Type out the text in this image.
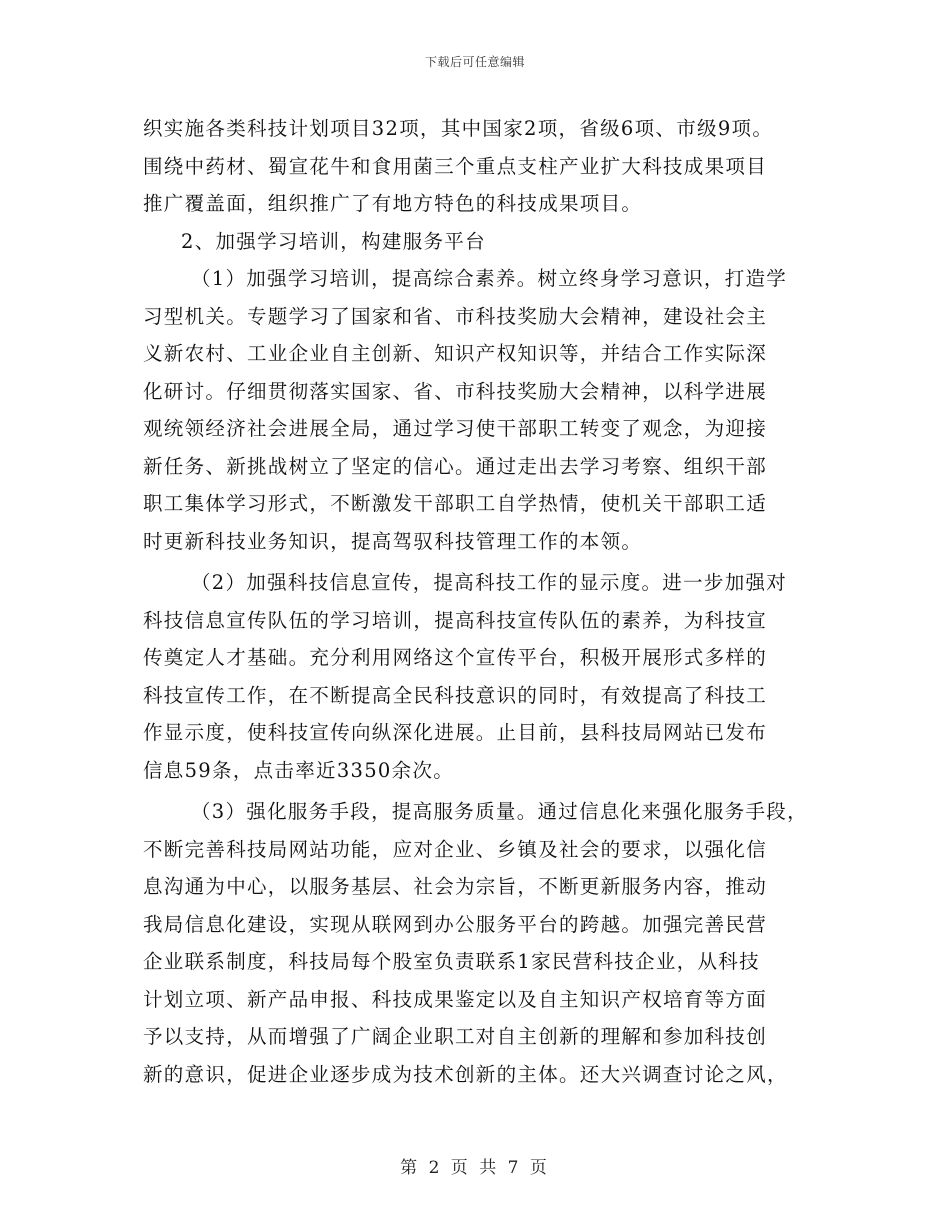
下载后可任意编辑
织实施各类科技计划项目32项，其中国家2项，省级6项、市级9项。
围绕中药材、蜀宣花牛和食用菌三个重点支柱产业扩大科技成果项目
推广覆盖面，组织推广了有地方特色的科技成果项目。
2、加强学习培训，构建服务平台
（1）加强学习培训，提高综合素养。树立终身学习意识，打造学
习型机关。专题学习了国家和省、市科技奖励大会精神，建设社会主
义新农村、工业企业自主创新、知识产权知识等，并结合工作实际深
化研讨。仔细贯彻落实国家、省、市科技奖励大会精神，以科学进展
观统领经济社会进展全局，通过学习使干部职工转变了观念，为迎接
新任务、新挑战树立了坚定的信心。通过走出去学习考察、组织干部
职工集体学习形式，不断激发干部职工自学热情，使机关干部职工适
时更新科技业务知识，提高驾驭科技管理工作的本领。
（2）加强科技信息宣传，提高科技工作的显示度。进一步加强对
科技信息宣传队伍的学习培训，提高科技宣传队伍的素养，为科技宣
传奠定人才基础。充分利用网络这个宣传平台，积极开展形式多样的
科技宣传工作，在不断提高全民科技意识的同时，有效提高了科技工
作显示度，使科技宣传向纵深化进展。止目前，县科技局网站已发布
信息59条，点击率近3350余次。
（3）强化服务手段，提高服务质量。通过信息化来强化服务手段，
不断完善科技局网站功能，应对企业、乡镇及社会的要求，以强化信
息沟通为中心，以服务基层、社会为宗旨，不断更新服务内容，推动
我局信息化建设，实现从联网到办公服务平台的跨越。加强完善民营
企业联系制度，科技局每个股室负责联系1家民营科技企业，从科技
计划立项、新产品申报、科技成果鉴定以及自主知识产权培育等方面
予以支持，从而增强了广阔企业职工对自主创新的理解和参加科技创
新的意识，促进企业逐步成为技术创新的主体。还大兴调查讨论之风，
第 2 页 共 7 页
